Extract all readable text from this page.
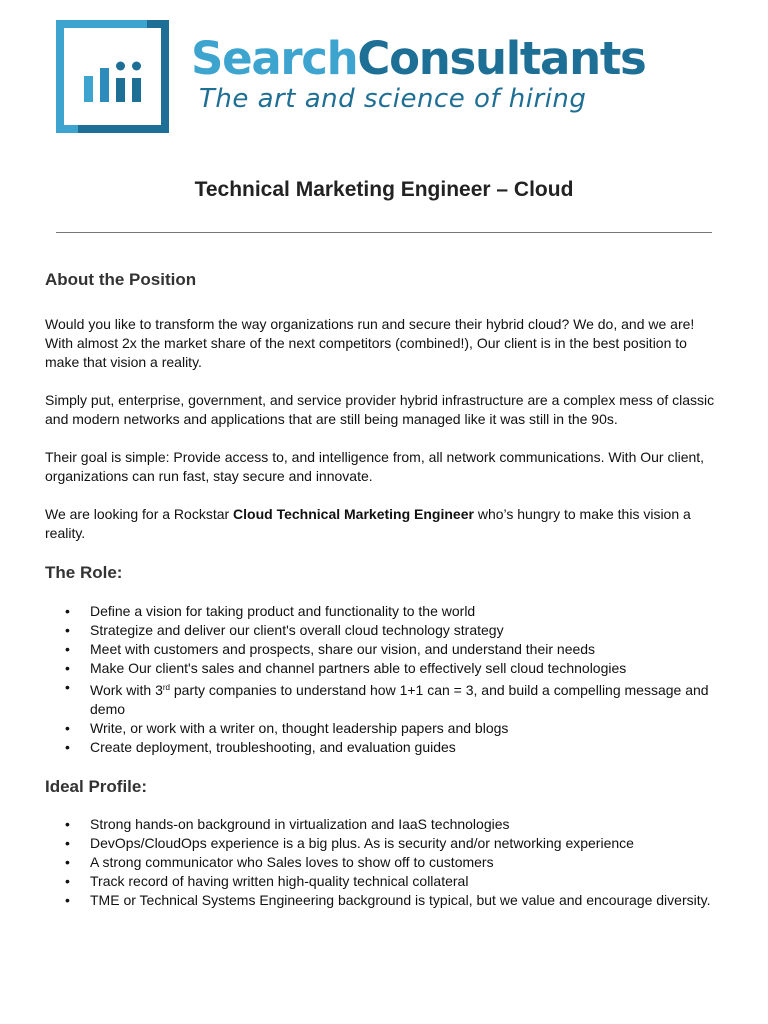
SearchConsultants
The art and science of hiring
Technical Marketing Engineer – Cloud
About the Position

Would you like to transform the way organizations run and secure their hybrid cloud? We do, and we are! With almost 2x the market share of the next competitors (combined!), Our client is in the best position to make that vision a reality.

Simply put, enterprise, government, and service provider hybrid infrastructure are a complex mess of classic and modern networks and applications that are still being managed like it was still in the 90s.

Their goal is simple: Provide access to, and intelligence from, all network communications. With Our client, organizations can run fast, stay secure and innovate.

We are looking for a Rockstar Cloud Technical Marketing Engineer who’s hungry to make this vision a reality.

The Role:
• Define a vision for taking product and functionality to the world
• Strategize and deliver our client's overall cloud technology strategy
• Meet with customers and prospects, share our vision, and understand their needs
• Make Our client's sales and channel partners able to effectively sell cloud technologies
• Work with 3rd party companies to understand how 1+1 can = 3, and build a compelling message and demo
• Write, or work with a writer on, thought leadership papers and blogs
• Create deployment, troubleshooting, and evaluation guides
Ideal Profile:
• Strong hands-on background in virtualization and IaaS technologies
• DevOps/CloudOps experience is a big plus. As is security and/or networking experience
• A strong communicator who Sales loves to show off to customers
• Track record of having written high-quality technical collateral
• TME or Technical Systems Engineering background is typical, but we value and encourage diversity.
